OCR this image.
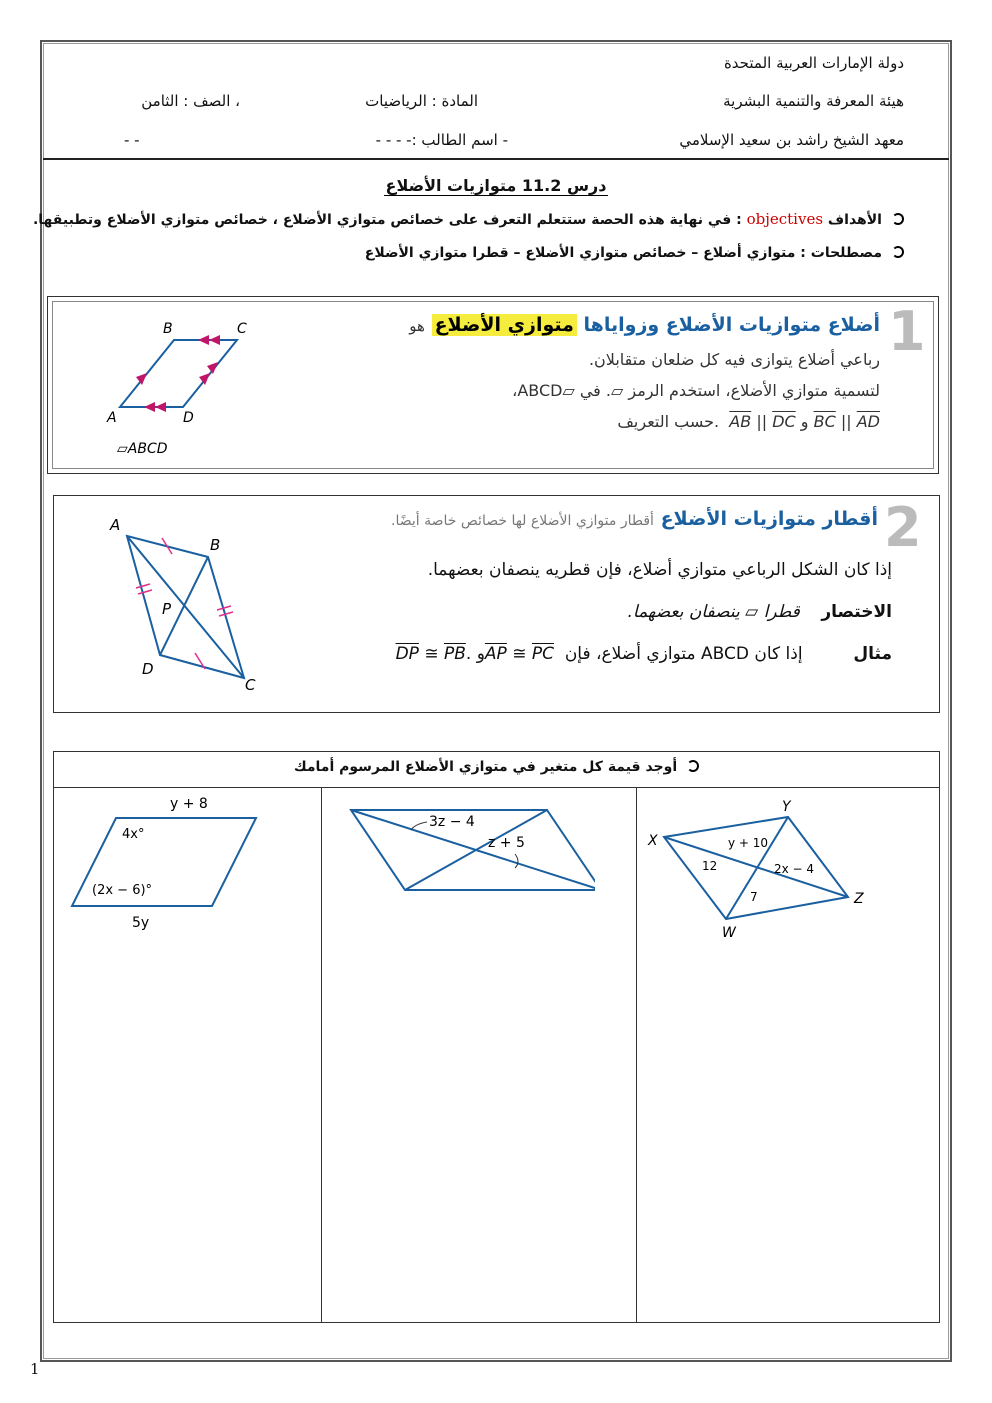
دولة الإمارات العربية المتحدة
هيئة المعرفة والتنمية البشرية
معهد الشيخ راشد بن سعيد الإسلامي
المادة : الرياضيات
، الصف : الثامن
- اسم الطالب :- - - -
- -
درس 11.2 متوازيات الأضلاع
الأهداف objectives : في نهاية هذه الحصة ستتعلم التعرف على خصائص متوازي الأضلاع ، خصائص متوازي الأضلاع وتطبيقها.
مصطلحات : متوازي أضلاع – خصائص متوازي الأضلاع – قطرا متوازي الأضلاع
1
أضلاع متوازيات الأضلاع وزواياها متوازي الأضلاع هو
رباعي أضلاع يتوازى فيه كل ضلعان متقابلان.
لتسمية متوازي الأضلاع، استخدم الرمز ▱. في ▱ABCD،
حسب التعريف. $\overline{AB}$ || $\overline{DC}$ و $\overline{BC}$ || $\overline{AD}$
B	C
A	D
▱ABCD
2
أقطار متوازيات الأضلاع أقطار متوازي الأضلاع لها خصائص خاصة أيضًا.
إذا كان الشكل الرباعي متوازي أضلاع، فإن قطريه ينصفان بعضهما.
الاختصار    قطرا ▱ ينصفان بعضهما.
مثال  إذا كان ABCD متوازي أضلاع، فإن $\overline{AP}$ ≅ $\overline{PC}$ و $\overline{DP}$ ≅ $\overline{PB}$.
A
B
C
D
P
أوجد قيمة كل متغير في متوازي الأضلاع المرسوم أمامك
y + 8
5y
4x°
(2x − 6)°
3z − 4
z + 5	X
Y
Z
W
y + 10
12	2x − 4
7
1
